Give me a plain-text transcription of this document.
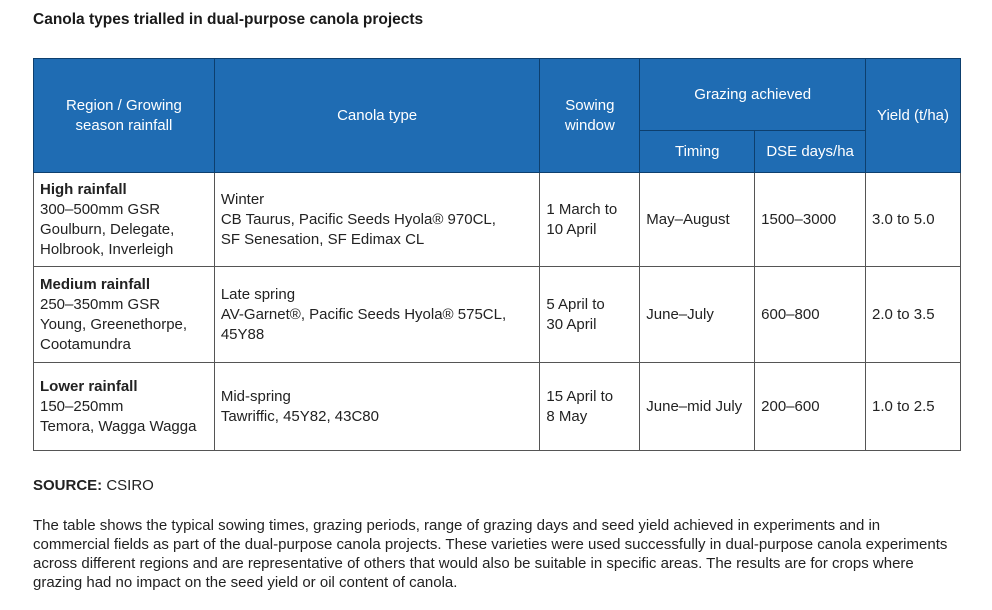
Canola types trialled in dual-purpose canola projects
Region / Growing
season rainfall	Canola type	Sowing
window	Grazing achieved		Yield (t/ha)
			Timing	DSE days/ha	

High rainfall
300–500mm GSR
Goulburn, Delegate,
Holbrook, Inverleigh	Winter
CB Taurus, Pacific Seeds Hyola® 970CL,
SF Senesation, SF Edimax CL	1 March to
10 April	May–August	1500–3000	3.0 to 5.0

Medium rainfall
250–350mm GSR
Young, Greenethorpe,
Cootamundra	Late spring
AV-Garnet®, Pacific Seeds Hyola® 575CL,
45Y88	5 April to
30 April	June–July	600–800	2.0 to 3.5

Lower rainfall
150–250mm
Temora, Wagga Wagga	Mid-spring
Tawriffic, 45Y82, 43C80	15 April to
8 May	June–mid July	200–600	1.0 to 2.5
SOURCE: CSIRO
The table shows the typical sowing times, grazing periods, range of grazing days and seed yield achieved in experiments and in commercial fields as part of the dual-purpose canola projects. These varieties were used successfully in dual-purpose canola experiments across different regions and are representative of others that would also be suitable in specific areas. The results are for crops where grazing had no impact on the seed yield or oil content of canola.
